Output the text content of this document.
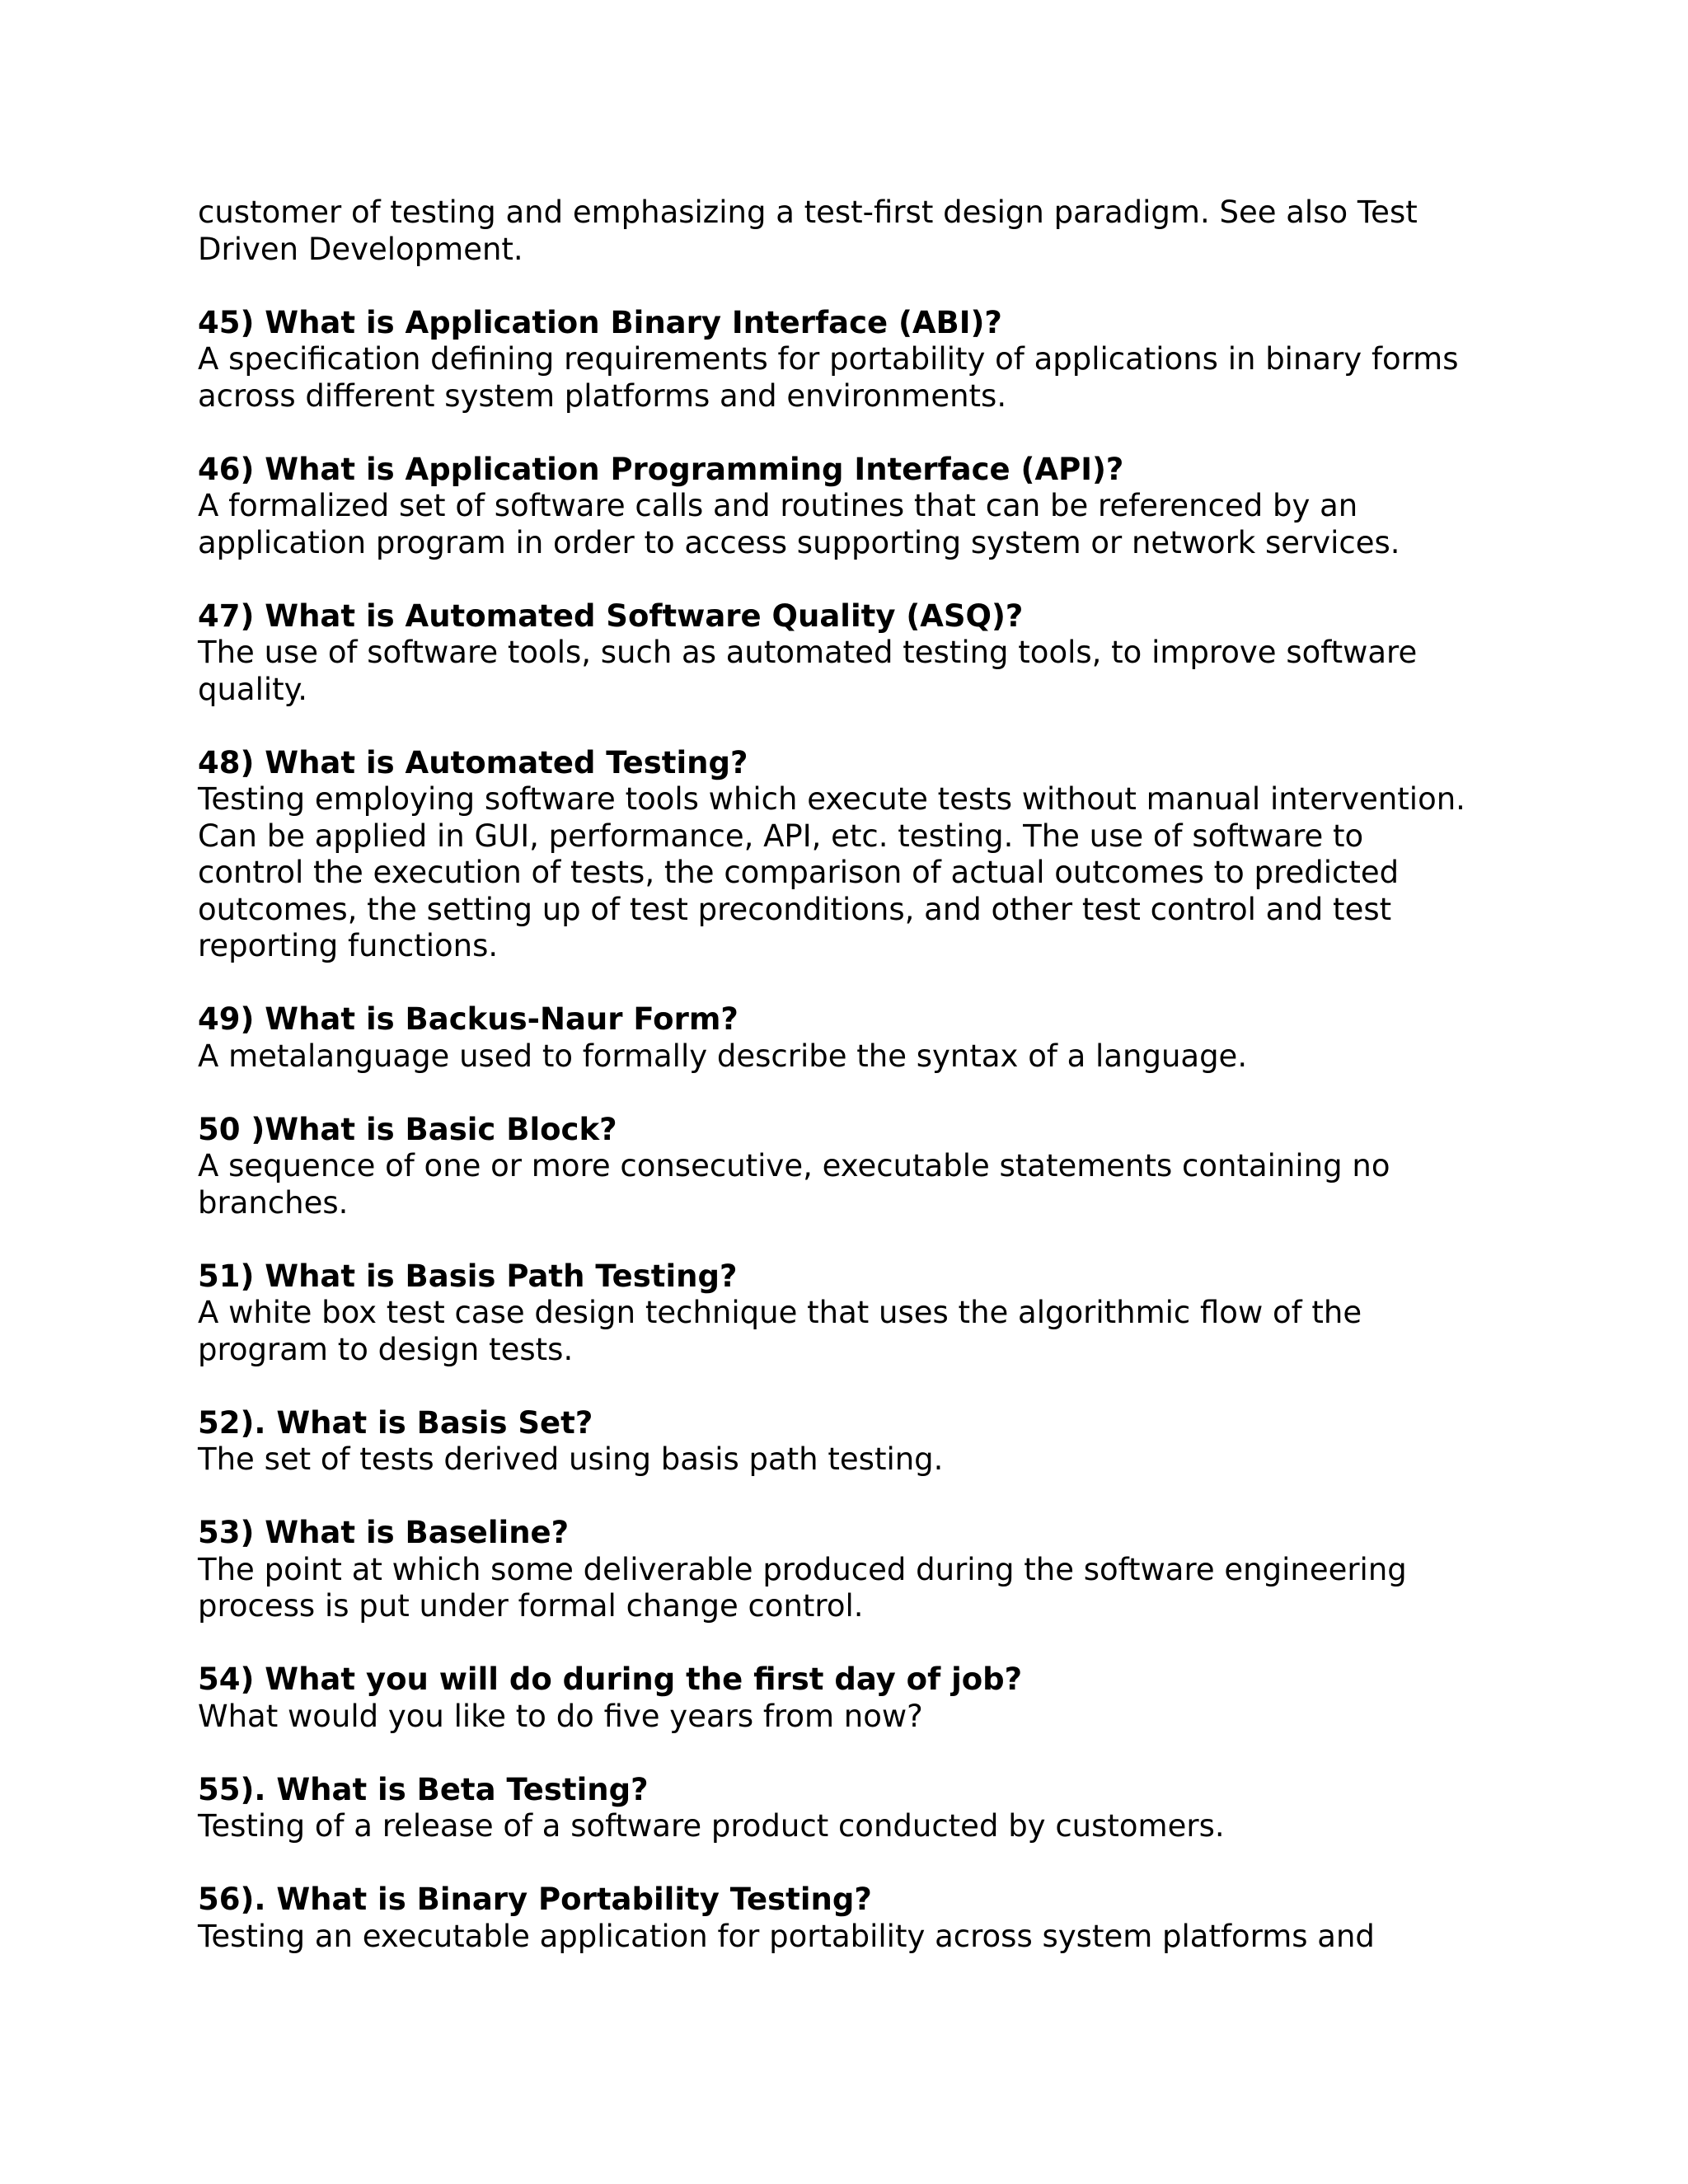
customer of testing and emphasizing a test-first design paradigm. See also Test
Driven Development.
45) What is Application Binary Interface (ABI)?
A specification defining requirements for portability of applications in binary forms
across different system platforms and environments.
46) What is Application Programming Interface (API)?
A formalized set of software calls and routines that can be referenced by an
application program in order to access supporting system or network services.
47) What is Automated Software Quality (ASQ)?
The use of software tools, such as automated testing tools, to improve software
quality.
48) What is Automated Testing?
Testing employing software tools which execute tests without manual intervention.
Can be applied in GUI, performance, API, etc. testing. The use of software to
control the execution of tests, the comparison of actual outcomes to predicted
outcomes, the setting up of test preconditions, and other test control and test
reporting functions.
49) What is Backus-Naur Form?
A metalanguage used to formally describe the syntax of a language.
50 )What is Basic Block?
A sequence of one or more consecutive, executable statements containing no
branches.
51) What is Basis Path Testing?
A white box test case design technique that uses the algorithmic flow of the
program to design tests.
52). What is Basis Set?
The set of tests derived using basis path testing.
53) What is Baseline?
The point at which some deliverable produced during the software engineering
process is put under formal change control.
54) What you will do during the first day of job?
What would you like to do five years from now?
55). What is Beta Testing?
Testing of a release of a software product conducted by customers.
56). What is Binary Portability Testing?
Testing an executable application for portability across system platforms and
